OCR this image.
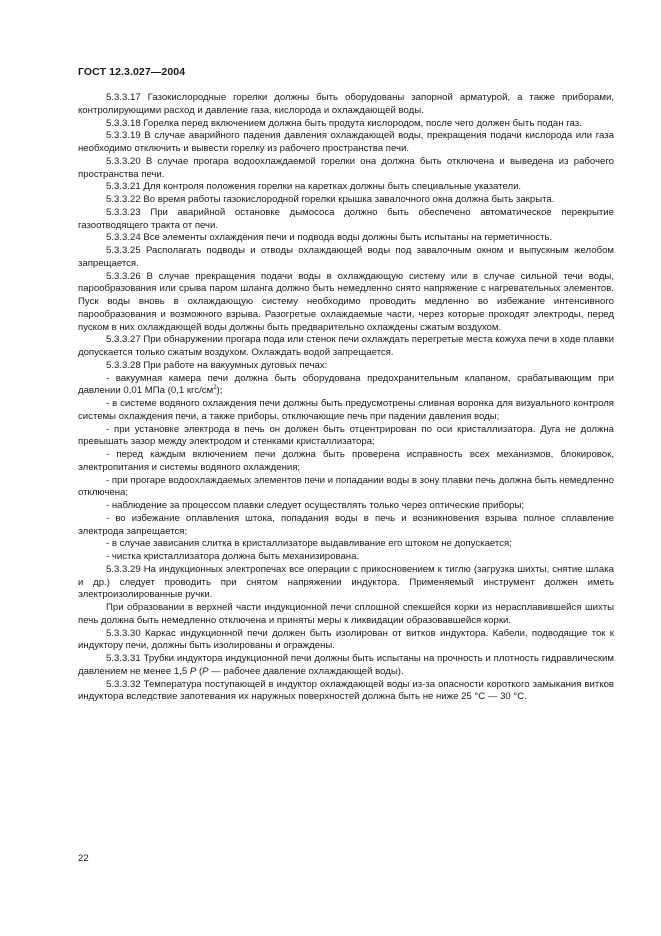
ГОСТ 12.3.027—2004

5.3.3.17 Газокислородные горелки должны быть оборудованы запорной арматурой, а также приборами, контролирующими расход и давление газа, кислорода и охлаждающей воды.

5.3.3.18 Горелка перед включением должна быть продута кислородом, после чего должен быть подан газ.

5.3.3.19 В случае аварийного падения давления охлаждающей воды, прекращения подачи кислорода или газа необходимо отключить и вывести горелку из рабочего пространства печи.

5.3.3.20 В случае прогара водоохлаждаемой горелки она должна быть отключена и выведена из рабочего пространства печи.

5.3.3.21 Для контроля положения горелки на каретках должны быть специальные указатели.

5.3.3.22 Во время работы газокислородной горелки крышка завалочного окна должна быть закрыта.

5.3.3.23 При аварийной остановке дымососа должно быть обеспечено автоматическое перекрытие газоотводящего тракта от печи.

5.3.3.24 Все элементы охлаждения печи и подвода воды должны быть испытаны на герметичность.

5.3.3.25 Располагать подводы и отводы охлаждающей воды под завалочным окном и выпускным желобом запрещается.

5.3.3.26 В случае прекращения подачи воды в охлаждающую систему или в случае сильной течи воды, парообразования или срыва паром шланга должно быть немедленно снято напряжение с нагревательных элементов. Пуск воды вновь в охлаждающую систему необходимо проводить медленно во избежание интенсивного парообразования и возможного взрыва. Разогретые охлаждаемые части, через которые проходят электроды, перед пуском в них охлаждающей воды должны быть предварительно охлаждены сжатым воздухом.

5.3.3.27 При обнаружении прогара пода или стенок печи охлаждать перегретые места кожуха печи в ходе плавки допускается только сжатым воздухом. Охлаждать водой запрещается.

5.3.3.28 При работе на вакуумных дуговых печах:

- вакуумная камера печи должна быть оборудована предохранительным клапаном, срабатывающим при давлении 0,01 МПа (0,1 кгс/$см^2$);

- в системе водяного охлаждения печи должны быть предусмотрены сливная воронка для визуального контроля системы охлаждения печи, а также приборы, отключающие печь при падении давления воды;

- при установке электрода в печь он должен быть отцентрирован по оси кристаллизатора. Дуга не должна превышать зазор между электродом и стенками кристаллизатора;

- перед каждым включением печи должна быть проверена исправность всех механизмов, блокировок, электропитания и системы водяного охлаждения;

- при прогаре водоохлаждаемых элементов печи и попадании воды в зону плавки печь должна быть немедленно отключена;

- наблюдение за процессом плавки следует осуществлять только через оптические приборы;

- во избежание оплавления штока, попадания воды в печь и возникновения взрыва полное сплавление электрода запрещается;

- в случае зависания слитка в кристаллизаторе выдавливание его штоком не допускается;

- чистка кристаллизатора должна быть механизирована.

5.3.3.29 На индукционных электропечах все операции с прикосновением к тиглю (загрузка шихты, снятие шлака и др.) следует проводить при снятом напряжении индуктора. Применяемый инструмент должен иметь электроизолированные ручки.

При образовании в верхней части индукционной печи сплошной спекшейся корки из нерасплавившейся шихты печь должна быть немедленно отключена и приняты меры к ликвидации образовавшейся корки.

5.3.3.30 Каркас индукционной печи должен быть изолирован от витков индуктора. Кабели, подводящие ток к индуктору печи, должны быть изолированы и ограждены.

5.3.3.31 Трубки индуктора индукционной печи должны быть испытаны на прочность и плотность гидравлическим давлением не менее 1,5 Р (Р — рабочее давление охлаждающей воды).

5.3.3.32 Температура поступающей в индуктор охлаждающей воды из-за опасности короткого замыкания витков индуктора вследствие запотевания их наружных поверхностей должна быть не ниже 25 °С — 30 °С.

22
